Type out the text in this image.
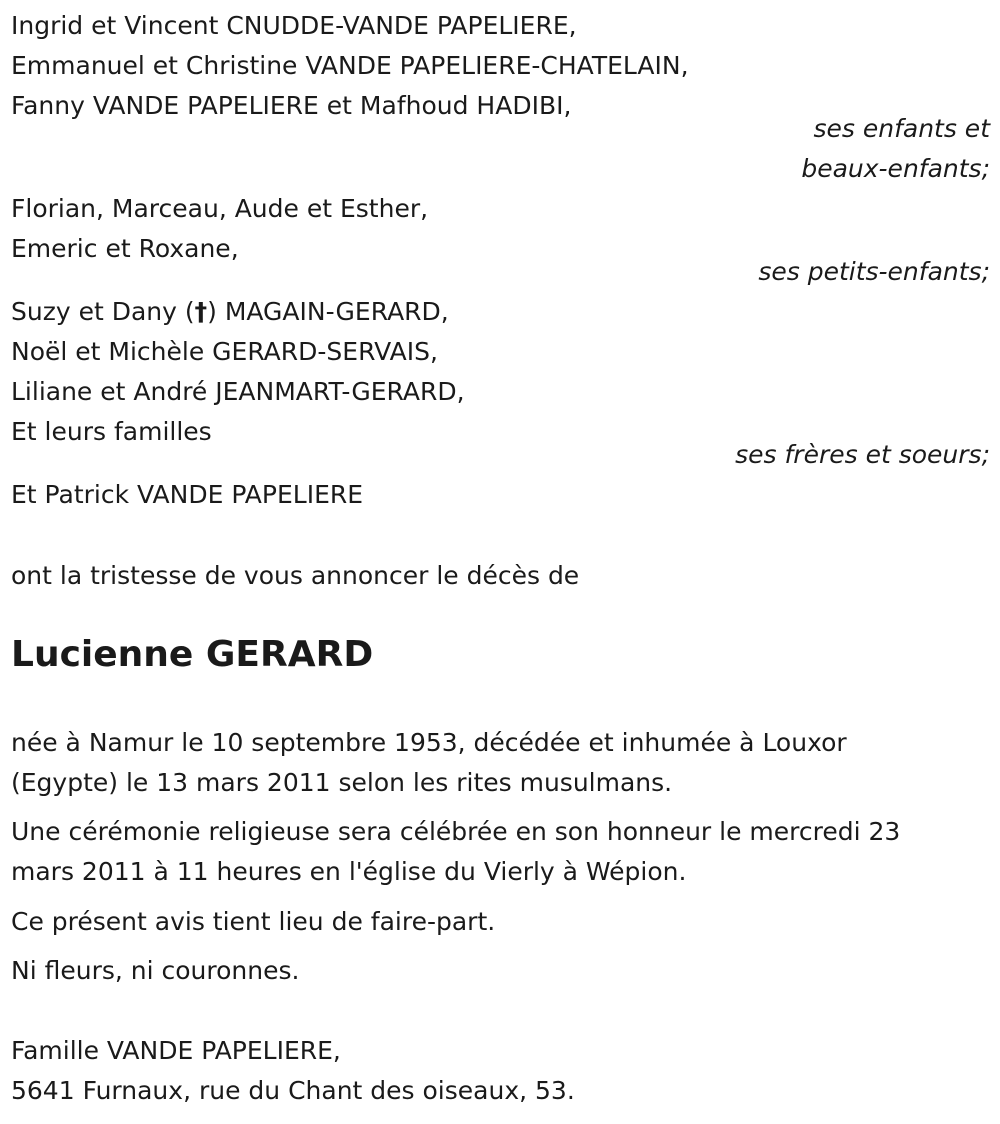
Ingrid et Vincent CNUDDE-VANDE PAPELIERE,
Emmanuel et Christine VANDE PAPELIERE-CHATELAIN,
Fanny VANDE PAPELIERE et Mafhoud HADIBI,
ses enfants et
beaux-enfants;
Florian, Marceau, Aude et Esther,
Emeric et Roxane,
ses petits-enfants;
Suzy et Dany (†) MAGAIN-GERARD,
Noël et Michèle GERARD-SERVAIS,
Liliane et André JEANMART-GERARD,
Et leurs familles
ses frères et soeurs;
Et Patrick VANDE PAPELIERE
ont la tristesse de vous annoncer le décès de
Lucienne GERARD
née à Namur le 10 septembre 1953, décédée et inhumée à Louxor
(Egypte) le 13 mars 2011 selon les rites musulmans.
Une cérémonie religieuse sera célébrée en son honneur le mercredi 23
mars 2011 à 11 heures en l'église du Vierly à Wépion.
Ce présent avis tient lieu de faire-part.
Ni fleurs, ni couronnes.
Famille VANDE PAPELIERE,
5641 Furnaux, rue du Chant des oiseaux, 53.
